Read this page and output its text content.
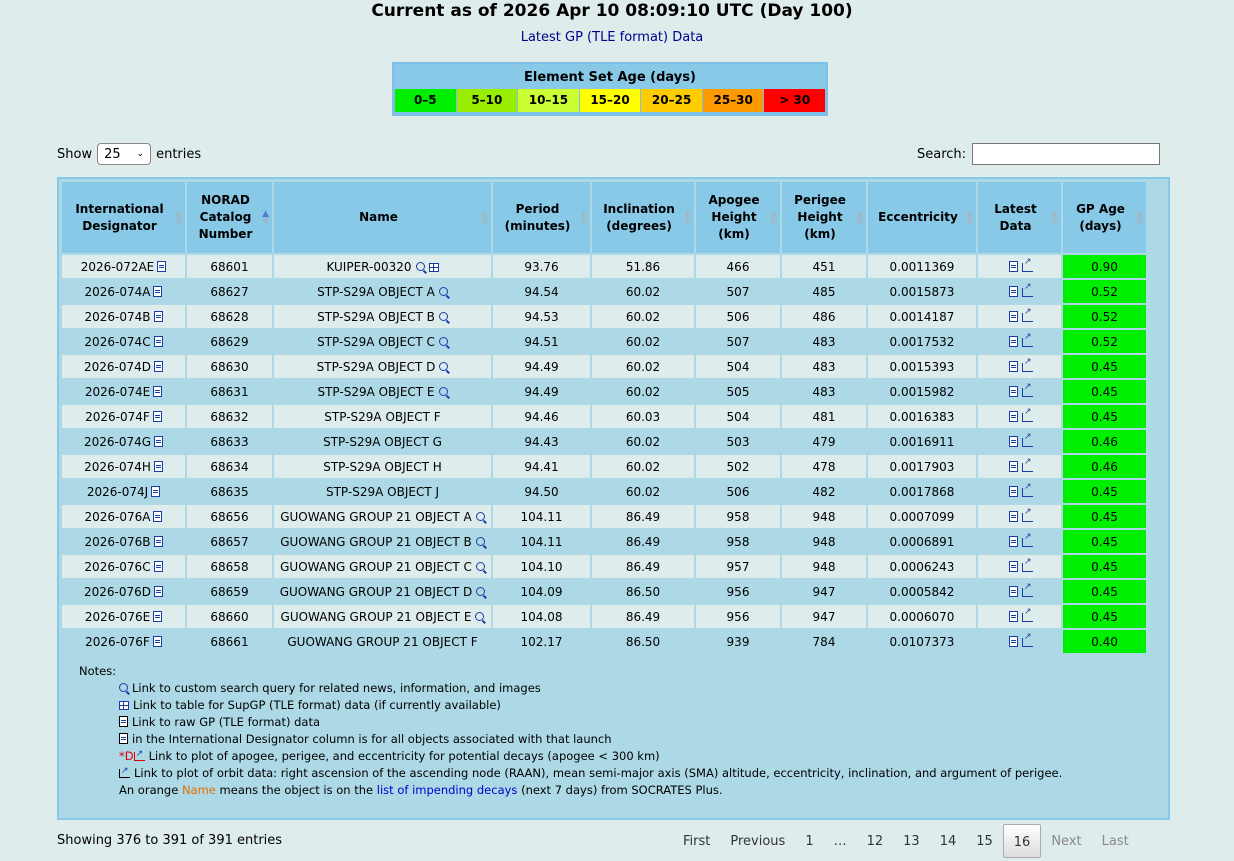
Current as of 2026 Apr 10 08:09:10 UTC (Day 100)
Latest GP (TLE format) Data
Element Set Age (days)
0–5	5–10	10–15	15–20	20–25	25–30	> 30
Show 25 ⌄ entries	Search:
International Designator
▲
▼	NORAD Catalog Number
▲
▼	Name ▲
▼	Period (minutes)
▲
▼	Inclination (degrees)
▲
▼	Apogee Height (km)
▲
▼	Perigee Height (km)
▲
▼	Eccentricity ▲
▼	Latest Data
▲
▼	GP Age (days)
▲
▼

2026-072AE	68601	KUIPER-00320	93.76	51.86	466	451	0.0011369	↗	0.90
2026-074A	68627	STP-S29A OBJECT A	94.54	60.02	507	485	0.0015873	↗	0.52
2026-074B	68628	STP-S29A OBJECT B	94.53	60.02	506	486	0.0014187	↗	0.52
2026-074C	68629	STP-S29A OBJECT C	94.51	60.02	507	483	0.0017532	↗	0.52
2026-074D	68630	STP-S29A OBJECT D	94.49	60.02	504	483	0.0015393	↗	0.45
2026-074E	68631	STP-S29A OBJECT E	94.49	60.02	505	483	0.0015982	↗	0.45
2026-074F	68632	STP-S29A OBJECT F	94.46	60.03	504	481	0.0016383	↗	0.45
2026-074G	68633	STP-S29A OBJECT G	94.43	60.02	503	479	0.0016911	↗	0.46
2026-074H	68634	STP-S29A OBJECT H	94.41	60.02	502	478	0.0017903	↗	0.46
2026-074J	68635	STP-S29A OBJECT J	94.50	60.02	506	482	0.0017868	↗	0.45
2026-076A	68656	GUOWANG GROUP 21 OBJECT A	104.11	86.49	958	948	0.0007099	↗	0.45
2026-076B	68657	GUOWANG GROUP 21 OBJECT B	104.11	86.49	958	948	0.0006891	↗	0.45
2026-076C	68658	GUOWANG GROUP 21 OBJECT C	104.10	86.49	957	948	0.0006243	↗	0.45
2026-076D	68659	GUOWANG GROUP 21 OBJECT D	104.09	86.50	956	947	0.0005842	↗	0.45
2026-076E	68660	GUOWANG GROUP 21 OBJECT E	104.08	86.49	956	947	0.0006070	↗	0.45
2026-076F	68661	GUOWANG GROUP 21 OBJECT F	102.17	86.50	939	784	0.0107373	↗	0.40
Notes:
Link to custom search query for related news, information, and images
Link to table for SupGP (TLE format) data (if currently available)
Link to raw GP (TLE format) data
in the International Designator column is for all objects associated with that launch
*D ↗ Link to plot of apogee, perigee, and eccentricity for potential decays (apogee < 300 km)
↗Link to plot of orbit data: right ascension of the ascending node (RAAN), mean semi-major axis (SMA) altitude, eccentricity, inclination, and argument of perigee.
An orange Name means the object is on the list of impending decays (next 7 days) from SOCRATES Plus.
Showing 376 to 391 of 391 entries	First	Previous	1	…	12	13	14	15	16	Next	Last
